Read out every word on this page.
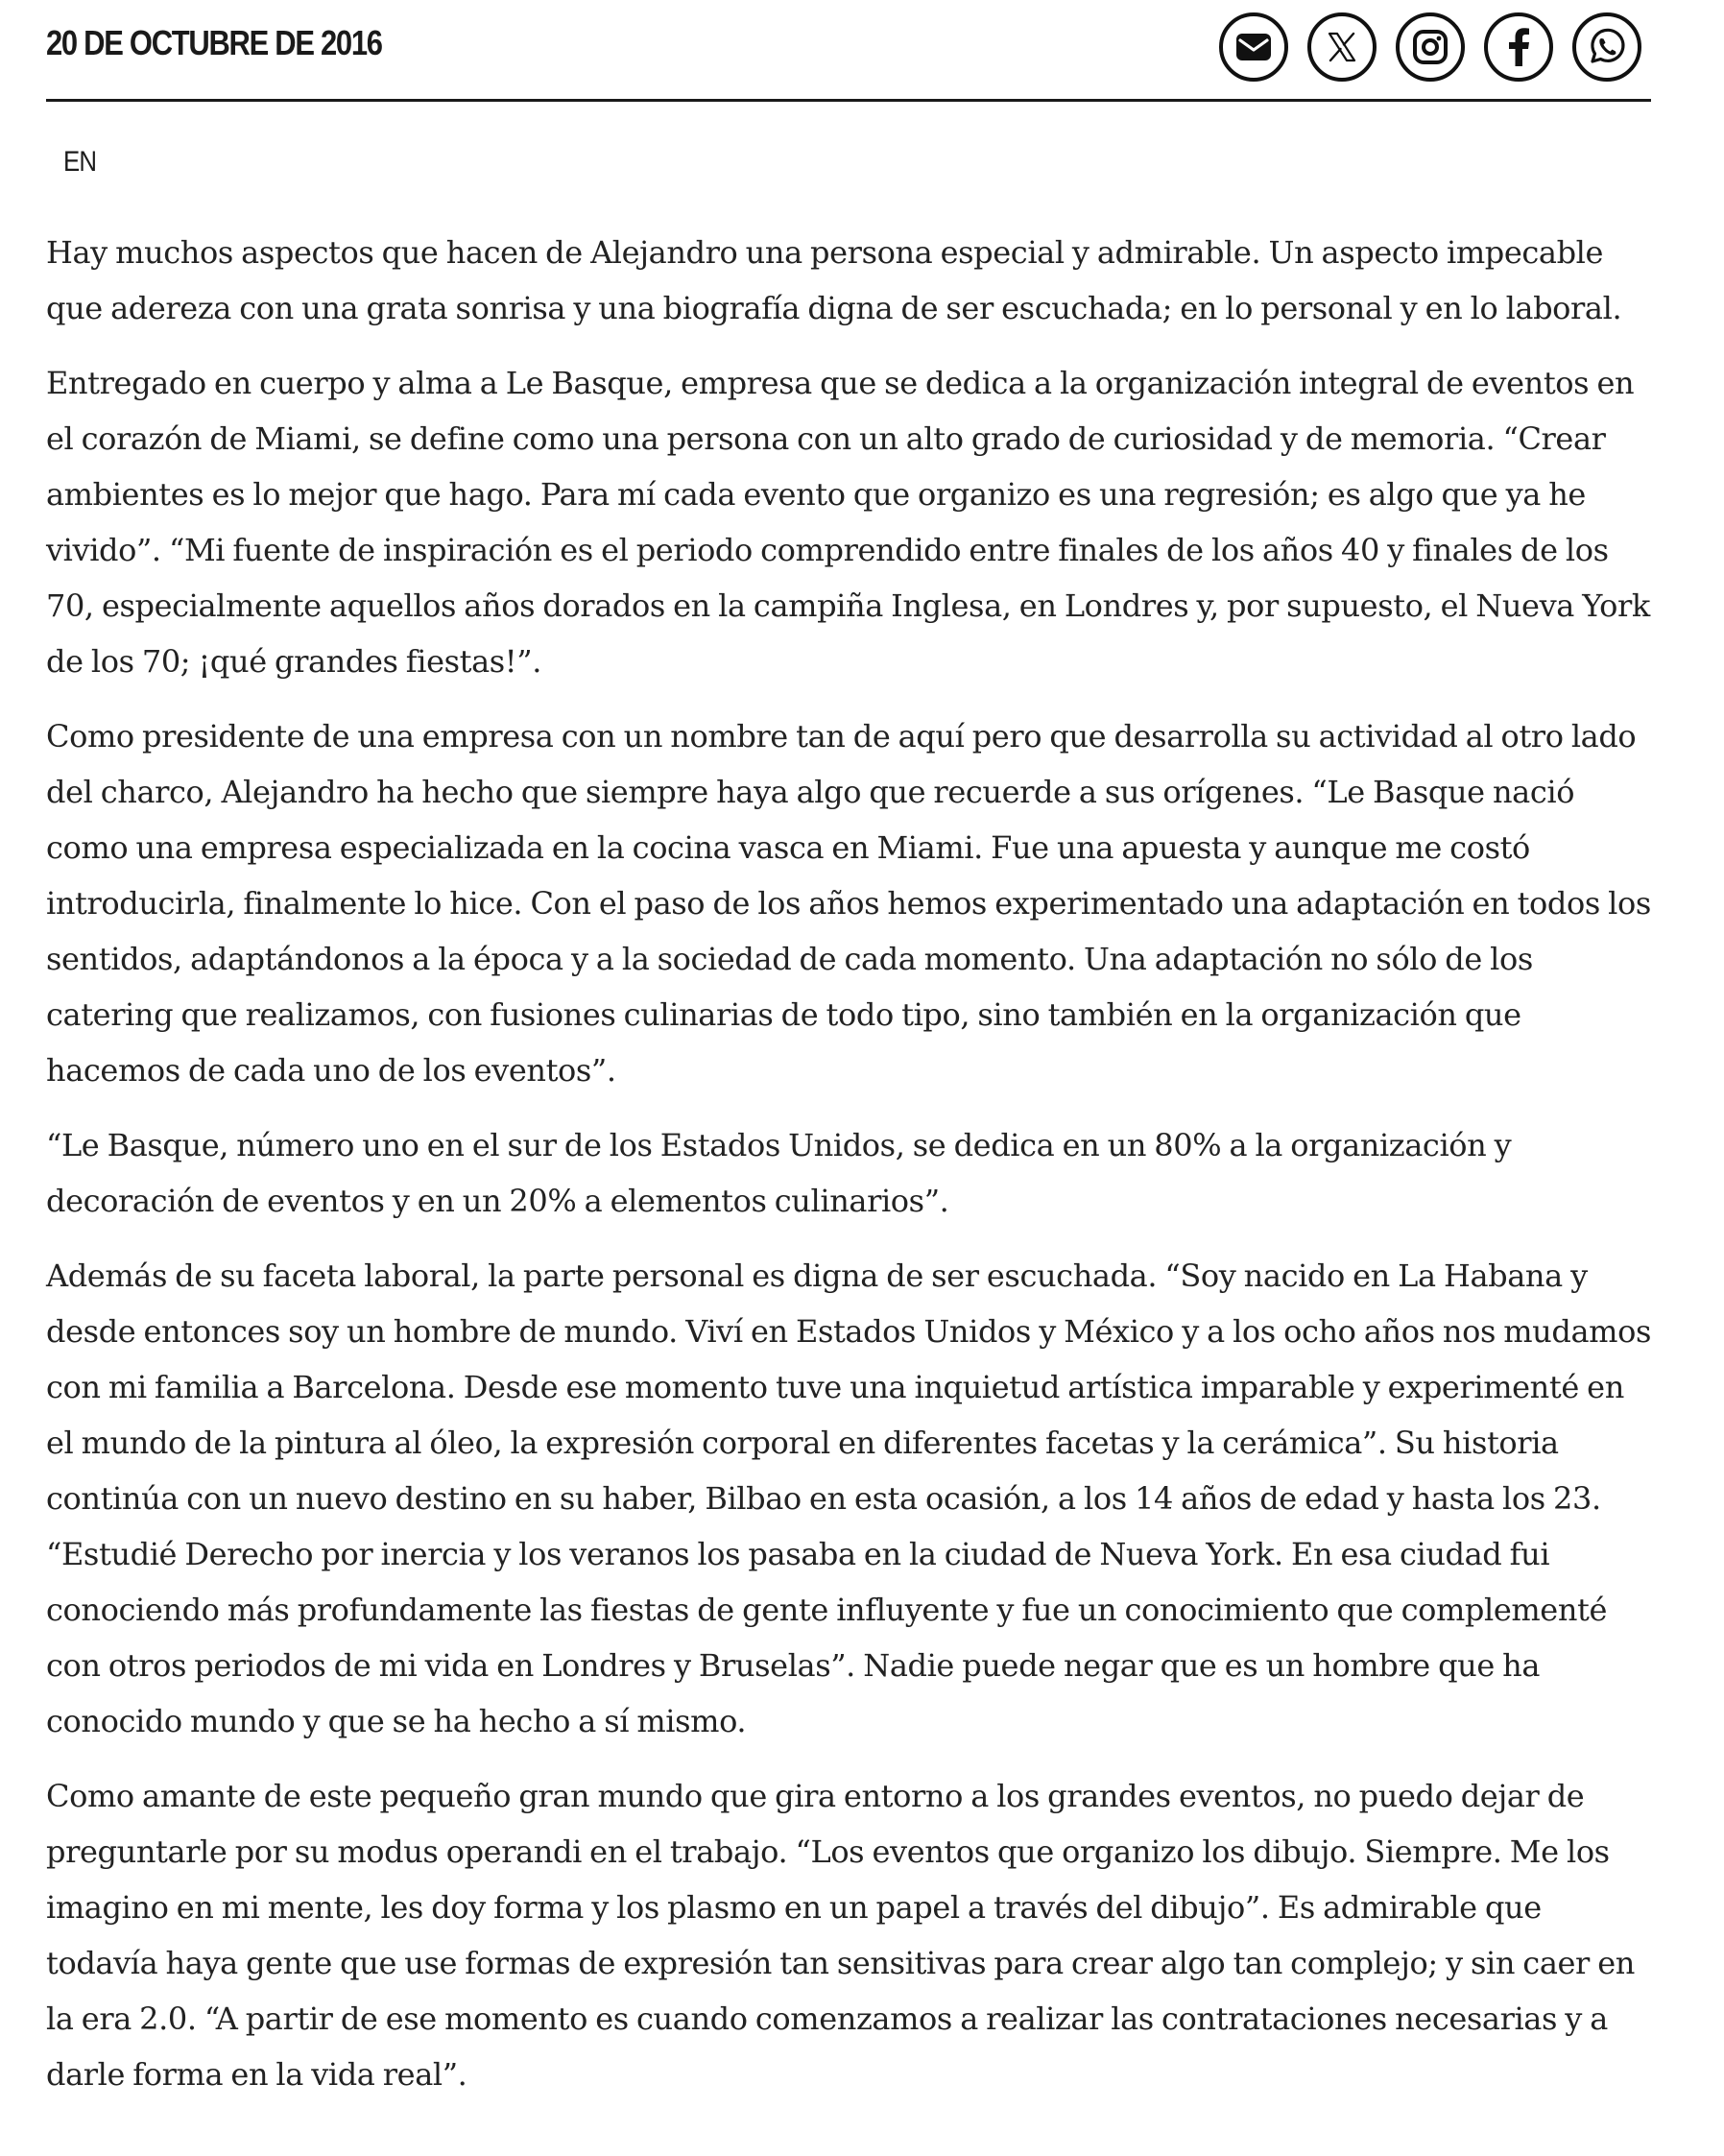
20 DE OCTUBRE DE 2016
EN

Hay muchos aspectos que hacen de Alejandro una persona especial y admirable. Un aspecto impecable que adereza con una grata sonrisa y una biografía digna de ser escuchada; en lo personal y en lo laboral.

Entregado en cuerpo y alma a Le Basque, empresa que se dedica a la organización integral de eventos en el corazón de Miami, se define como una persona con un alto grado de curiosidad y de memoria. “Crear ambientes es lo mejor que hago. Para mí cada evento que organizo es una regresión; es algo que ya he vivido”. “Mi fuente de inspiración es el periodo comprendido entre finales de los años 40 y finales de los 70, especialmente aquellos años dorados en la campiña Inglesa, en Londres y, por supuesto, el Nueva York de los 70; ¡qué grandes fiestas!”.

Como presidente de una empresa con un nombre tan de aquí pero que desarrolla su actividad al otro lado del charco, Alejandro ha hecho que siempre haya algo que recuerde a sus orígenes. “Le Basque nació como una empresa especializada en la cocina vasca en Miami. Fue una apuesta y aunque me costó introducirla, finalmente lo hice. Con el paso de los años hemos experimentado una adaptación en todos los sentidos, adaptándonos a la época y a la sociedad de cada momento. Una adaptación no sólo de los catering que realizamos, con fusiones culinarias de todo tipo, sino también en la organización que hacemos de cada uno de los eventos”.

“Le Basque, número uno en el sur de los Estados Unidos, se dedica en un 80% a la organización y decoración de eventos y en un 20% a elementos culinarios”.

Además de su faceta laboral, la parte personal es digna de ser escuchada. “Soy nacido en La Habana y desde entonces soy un hombre de mundo. Viví en Estados Unidos y México y a los ocho años nos mudamos con mi familia a Barcelona. Desde ese momento tuve una inquietud artística imparable y experimenté en el mundo de la pintura al óleo, la expresión corporal en diferentes facetas y la cerámica”. Su historia continúa con un nuevo destino en su haber, Bilbao en esta ocasión, a los 14 años de edad y hasta los 23. “Estudié Derecho por inercia y los veranos los pasaba en la ciudad de Nueva York. En esa ciudad fui conociendo más profundamente las fiestas de gente influyente y fue un conocimiento que complementé con otros periodos de mi vida en Londres y Bruselas”. Nadie puede negar que es un hombre que ha conocido mundo y que se ha hecho a sí mismo.

Como amante de este pequeño gran mundo que gira entorno a los grandes eventos, no puedo dejar de preguntarle por su modus operandi en el trabajo. “Los eventos que organizo los dibujo. Siempre. Me los imagino en mi mente, les doy forma y los plasmo en un papel a través del dibujo”. Es admirable que todavía haya gente que use formas de expresión tan sensitivas para crear algo tan complejo; y sin caer en la era 2.0. “A partir de ese momento es cuando comenzamos a realizar las contrataciones necesarias y a darle forma en la vida real”.
